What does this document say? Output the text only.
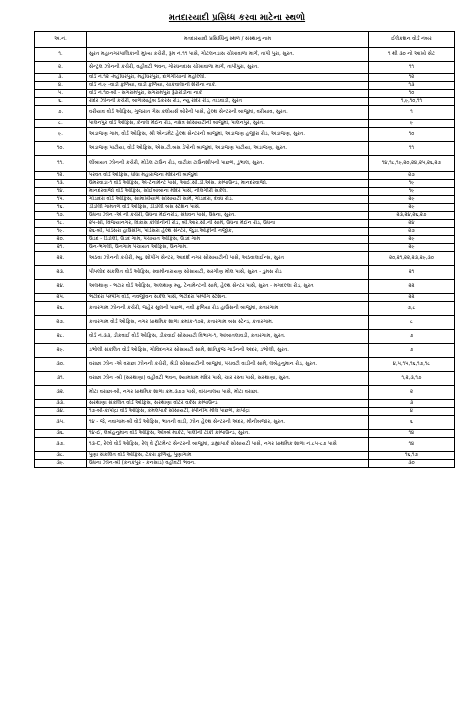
મતદારયાદી પ્રસિધ્ધ કરવા માટેના સ્થળો
અ.નં.	મતદારયાદી પ્રસિધ્ધિનું સ્થળ / સંસ્થાનું નામ	ઈલેકશન વોર્ડ નંબર
૧.	સુરત મહાનગરપાલિકાની મુખ્ય કચેરી, રૂમ નં.૧૧ પાસે, ગોટલનડાસ ચોખાવાળા માર્ગ, તાપી પુરા, સુરત.	૧ થી ૩૦ નો આખો સેટ
૨.	સેન્ટ્રલ ઝોનની કચેરી, વહીવટી ભવન, ગોરધનદાસ ચોખાવાળા માર્ગ, તાપીપુરા, સુરત.	૧૧
૩.	વોર્ડ નં.૧૨ -મહીધરપુરા, મહીધરપુરા, દાળગીચાનો મહોલ્લો.	૧૨
૪.	વોર્ડ નં.૯ -વાડી ફળિયા, વાડી ફળિયા, ચાકવાલાની શેરીના નાકે.	૧૩
૫.	વોર્ડ નં.૧૦-બી - સગરામપુરા, સગરામપુરા રૂંઢારોડીના નાકે	૧૦
૬.	રાંદેર ઝોનની કચેરી, બાળાસાહેબ ઠેકરસ રોડ, ન્યુ રાંદેર રોડ, તાડવાડી, સુરત	૧,૯,૧૦,૧૧
૭.	વરીયાવ વોર્ડ ઓફિસ, ગુજરાત ગેસ ક્લોયર્સ બોરેની પાસે, હેલ્થ સેન્ટરની બાજુમાં, વરીયાવ, સુરત.	૧
૮.	પાલનપુર વોર્ડ ઓફિસ, કેનાલ મેઈન રોડ, નક્ષત્ર સોસાયટીની બાજુમાં, પાલનપુર, સુરત.	૯
૯.	અડાજણ ગામ, વોર્ડ ઓફિસ, શ્રી એન્ડમેંટ હેલ્થ સેન્ટરની બાજુમાં, અડાજણ હજીરા રોડ, અડાજણ, સુરત.	૧૦
૧૦.	અડાજણ પાટીયા, વોર્ડ ઓફિસ, એસ.ટી.બસ ડેપોની બાજુમાં, અડાજણ પાટીયા, અડાજણ, સુરત.	૧૧
૧૧.	લીંબાયત ઝોનની કચેરી, મોડેલ ટાઉન રોડ, વાટીકા ટાઉનશીપની પાછળ, ડુંભાલ, સુરત.	૧૪,૧૮,૧૯,૨૦,૨૪,૨૫,૨૬,૨૭
૧૨.	પરવત વોર્ડ ઓફિસ, ધોધા મહારાજના મંદિરની બાજુમાં	૨૭
૧૩.	ઉમરવાડા-૧ વોર્ડ ઓફિસ, એ-ટેનામેન્ટ પાસે, આઈ.સી.ડી.એસ. કમ્પાઉન્ડ, માનદરવાજા.	૧૯
૧૪.	માનદરવાજા વોર્ડ ઓફિસ, સોઈબાબાના મંદિર પાસે, નીલગીરી સર્કલ.	૧૯
૧૫.	ગોડાદરા વોર્ડ ઓફિસ, સામાખીયાળ સોસાયટી સામે, ગોડાદરા, દેવધ રોડ.	૨૯
૧૬.	ડીંડોલી ગામતળ વોર્ડ ઓફિસ, ડીંડોલી બસ સ્ટેશન પાસે.	૨૯
૧૭.	ઉધના ઝોન -એ ની કચેરી, ઉધના મેઈનરોડ, સંઘવન પાસે, ઉધના, સુરત.	૨૩,૨૪,૨૬,૨૭
૧૮.	૨૫-સી, વિજયાનગર, વિકાસ કોલોનીની રોડ, બી.આર.સી.ની સામે, ઉધના મેઈન રોડ, ઉધના	૨૪
૧૯.	૨૬-બી, પાંડેસરા હાઉસીંગ, પાંડેસરા હેલ્થ સેન્ટર, જુડા.ઓફીની નજીક,	૨૭
૨૦.	ઉડદ - ડિંડોલી, ઉડદ ગામ, પંચાયત ઓફિસ, ઉડદ ગામ	૨૯
૨૧.	ઉન-ભગલી, ઉનગામ પંચાયત ઓફિસ, ઉનગામ.	૨૯
૨૨.	અઠવા ઝોનની કચેરી, મ્યુ. શોપીંગ સેન્ટર, આદર્શ નગર સોસાયટીની પાસે, અઠવાલાઈન્સ, સુરત	૨૦,૨૧,૨૨,૨૩,૨૯,૩૦
૨૩.	પીપલોદ સંકલિત વોર્ડ ઓફિસ, સ્વામીનારાયણ સોસાયટી, સરગીણ મોલ પાસે, સુરત - ડુમસ રોડ	૨૧
૨૪.	અલથાણ - ભટાર વોર્ડ ઓફિસ, અલથાણ મ્યુ. ટેનામેન્ટની સામે, હેલ્થ સેન્ટર પાસે, સુરત - મગદલ્લા રોડ, સુરત	૨૨
૨૫.	ભટોદરા પમ્પીંગ વોર્ડ, નવજીવન સર્કલ પાસે, ભટોદરા પમ્પીંગ સ્ટેશન.	૨૨
૨૬.	કતારગામ ઝોનની કચેરી, જહેર સુલની પાછળ, નવી ફળિયા રોડ હાઉસની બાજુમાં, કતારગામ	૭,૮
૨૭.	કતારગામ વોર્ડ ઓફિસ, નગર પ્રાથમિક શાળા ક્રમાંક-૧૭૨, કતારગામ બસ સ્ટેન્ડ, કતારગામ.	૮
૨૮.	વોર્ડ નં.૩૩, ડીકવાઈ વોર્ડ ઓફિસ, ડીકવાઈ સોસાયટી વિભાગ-૧, આંબાતલાવડી, કતારગામ, સુરત.	૭
૨૯.	ડભોલી સંકલિત વોર્ડ ઓફિસ, ગોવિંદનગર સોસાયટી સામે, શાંતિકુંજ ગાર્ડનની અંદર, ડભોલી, સુરત.	૭
૩૦.	વરાછા ઝોન -એ વરાછા ઝોનની કચેરી, શ્રેડી સોસાયટીની બાજુમાં, પંચવટી વાડીની સામે, લંબેહનુમાન રોડ, સુરત.	૪,૫,૧૫,૧૬,૧૭,૧૮
૩૧.	વરાછા ઝોન -બી (સરથાણા) વહીવટી ભવન, શ્યામધામ મંદિર પાસે, ચાર રસ્તા પાસે, સરથાણા, સુરત.	૧,૨,૩,૧૭
૩૨.	મોટા વરાછા-બી, નગર પ્રાથમિક શાળા ક્રમ.૩૭૭ પાસે, વાંચનાલય પાસે, મોટા વરાછા.	૨
૩૩.	સરથાણા સંકલિત વોર્ડ ઓફિસ, સરથાણા વોટર વર્કસ કમ્પાઉન્ડ	૩
૩૪.	૧૭-બી-કાપોદ્રા વોર્ડ ઓફિસ, કમલપાર્ક સોસાયટી, સ્પીનીંગ મીલ પાછળ, કાપોદ્રા	૪
૩૫.	૧૪ - જે, નવાગામ-બી વોર્ડ ઓફિસ, ભાતની વાડી, ઝોન હેલ્થ સેન્ટરની અંદર, મીનીબજાર, સુરત.	૬
૩૬.	૧૪-ઈ, લંબેહનુમાન વોર્ડ ઓફિસ, ઓબ્બે માર્કેટ, પાલીની ટાંકી કમ્પાઉન્ડ, સુરત.	૧૪
૩૭.	૧૩-C, રેલ્વે વોર્ડ ઓફિસ, રેલ્ વે ટ્રીટમેન્ટ સેન્ટરની બાજુમાં, ડાહ્યાપાર્ક સોસાયટી પાસે, નગર પ્રાથમિક શાળા નં.૮૫-૮૭ પાસે	૧૪
૩૮.	પુણા સંકલિત વોર્ડ ઓફિસ, ટેકરા ફળિયું, પુણાગામ	૧૬,૧૭
૩૯.	ઉધના ઝોન-બી (કનકપુર - કનસાડ) વહીવટી ભવન.	૩૦
